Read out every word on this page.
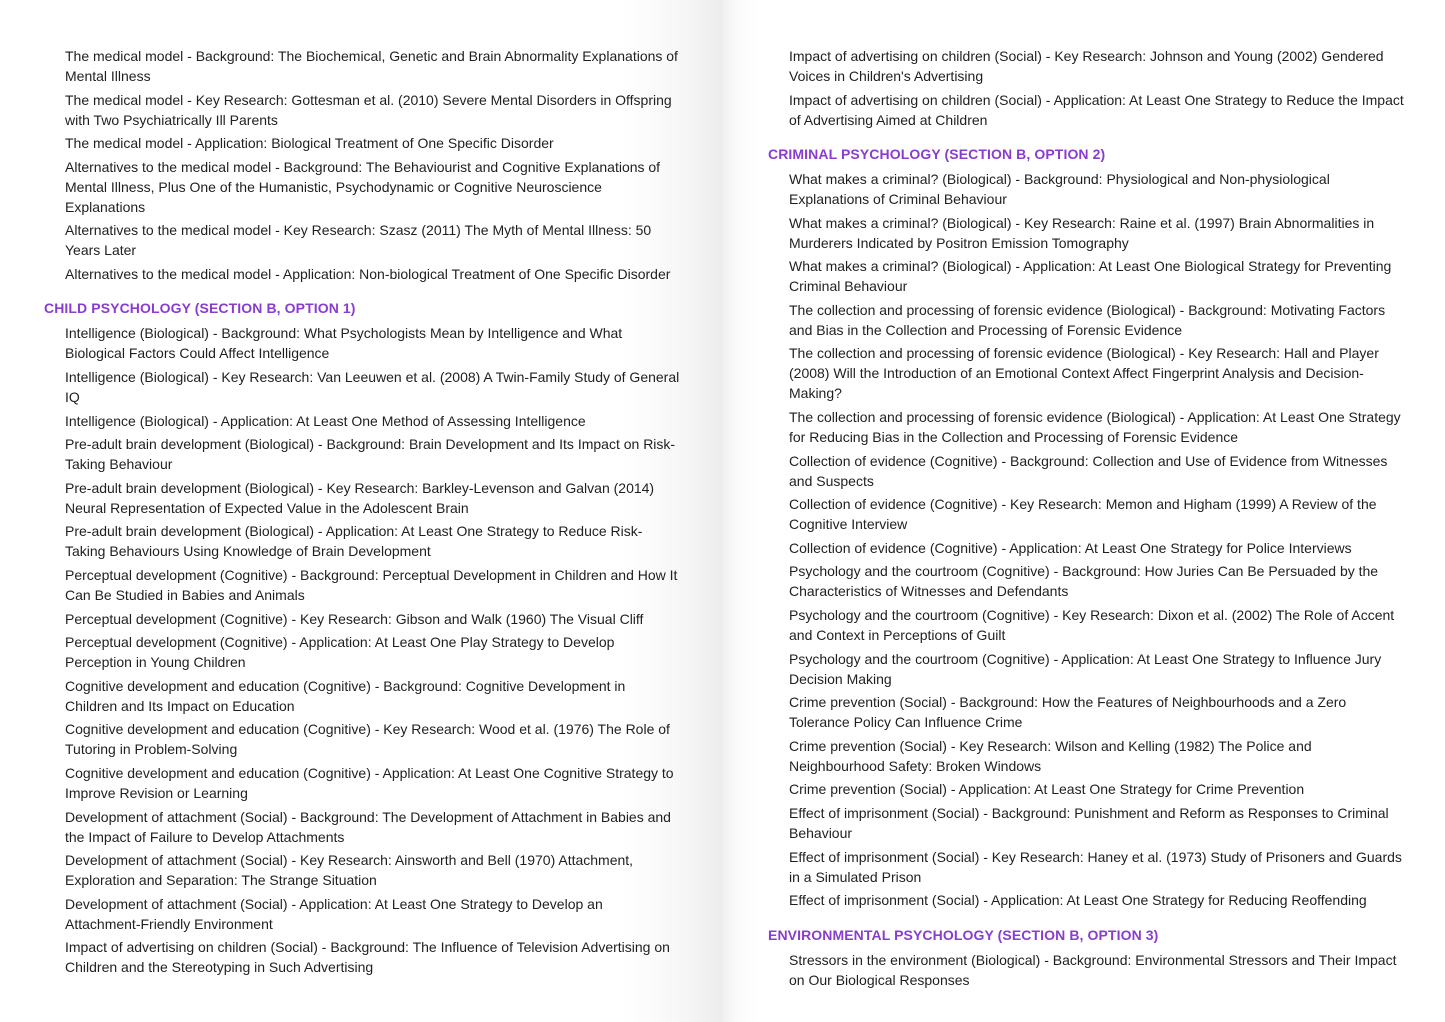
The medical model - Background: The Biochemical, Genetic and Brain Abnormality Explanations of Mental Illness
The medical model - Key Research: Gottesman et al. (2010) Severe Mental Disorders in Offspring with Two Psychiatrically Ill Parents
The medical model - Application: Biological Treatment of One Specific Disorder
Alternatives to the medical model - Background: The Behaviourist and Cognitive Explanations of Mental Illness, Plus One of the Humanistic, Psychodynamic or Cognitive Neuroscience Explanations
Alternatives to the medical model - Key Research: Szasz (2011) The Myth of Mental Illness: 50 Years Later
Alternatives to the medical model - Application: Non-biological Treatment of One Specific Disorder
CHILD PSYCHOLOGY (SECTION B, OPTION 1)
Intelligence (Biological) - Background: What Psychologists Mean by Intelligence and What Biological Factors Could Affect Intelligence
Intelligence (Biological) - Key Research: Van Leeuwen et al. (2008) A Twin-Family Study of General IQ
Intelligence (Biological) - Application: At Least One Method of Assessing Intelligence
Pre-adult brain development (Biological) - Background: Brain Development and Its Impact on Risk-Taking Behaviour
Pre-adult brain development (Biological) - Key Research: Barkley-Levenson and Galvan (2014) Neural Representation of Expected Value in the Adolescent Brain
Pre-adult brain development (Biological) - Application: At Least One Strategy to Reduce Risk-Taking Behaviours Using Knowledge of Brain Development
Perceptual development (Cognitive) - Background: Perceptual Development in Children and How It Can Be Studied in Babies and Animals
Perceptual development (Cognitive) - Key Research: Gibson and Walk (1960) The Visual Cliff
Perceptual development (Cognitive) - Application: At Least One Play Strategy to Develop Perception in Young Children
Cognitive development and education (Cognitive) - Background: Cognitive Development in Children and Its Impact on Education
Cognitive development and education (Cognitive) - Key Research: Wood et al. (1976) The Role of Tutoring in Problem-Solving
Cognitive development and education (Cognitive) - Application: At Least One Cognitive Strategy to Improve Revision or Learning
Development of attachment (Social) - Background: The Development of Attachment in Babies and the Impact of Failure to Develop Attachments
Development of attachment (Social) - Key Research: Ainsworth and Bell (1970) Attachment, Exploration and Separation: The Strange Situation
Development of attachment (Social) - Application: At Least One Strategy to Develop an Attachment-Friendly Environment
Impact of advertising on children (Social) - Background: The Influence of Television Advertising on Children and the Stereotyping in Such Advertising
Impact of advertising on children (Social) - Key Research: Johnson and Young (2002) Gendered Voices in Children's Advertising
Impact of advertising on children (Social) - Application: At Least One Strategy to Reduce the Impact of Advertising Aimed at Children
CRIMINAL PSYCHOLOGY (SECTION B, OPTION 2)
What makes a criminal? (Biological) - Background: Physiological and Non-physiological Explanations of Criminal Behaviour
What makes a criminal? (Biological) - Key Research: Raine et al. (1997) Brain Abnormalities in Murderers Indicated by Positron Emission Tomography
What makes a criminal? (Biological) - Application: At Least One Biological Strategy for Preventing Criminal Behaviour
The collection and processing of forensic evidence (Biological) - Background: Motivating Factors and Bias in the Collection and Processing of Forensic Evidence
The collection and processing of forensic evidence (Biological) - Key Research: Hall and Player (2008) Will the Introduction of an Emotional Context Affect Fingerprint Analysis and Decision-Making?
The collection and processing of forensic evidence (Biological) - Application: At Least One Strategy for Reducing Bias in the Collection and Processing of Forensic Evidence
Collection of evidence (Cognitive) - Background: Collection and Use of Evidence from Witnesses and Suspects
Collection of evidence (Cognitive) - Key Research: Memon and Higham (1999) A Review of the Cognitive Interview
Collection of evidence (Cognitive) - Application: At Least One Strategy for Police Interviews
Psychology and the courtroom (Cognitive) - Background: How Juries Can Be Persuaded by the Characteristics of Witnesses and Defendants
Psychology and the courtroom (Cognitive) - Key Research: Dixon et al. (2002) The Role of Accent and Context in Perceptions of Guilt
Psychology and the courtroom (Cognitive) - Application: At Least One Strategy to Influence Jury Decision Making
Crime prevention (Social) - Background: How the Features of Neighbourhoods and a Zero Tolerance Policy Can Influence Crime
Crime prevention (Social) - Key Research: Wilson and Kelling (1982) The Police and Neighbourhood Safety: Broken Windows
Crime prevention (Social) - Application: At Least One Strategy for Crime Prevention
Effect of imprisonment (Social) - Background: Punishment and Reform as Responses to Criminal Behaviour
Effect of imprisonment (Social) - Key Research: Haney et al. (1973) Study of Prisoners and Guards in a Simulated Prison
Effect of imprisonment (Social) - Application: At Least One Strategy for Reducing Reoffending
ENVIRONMENTAL PSYCHOLOGY (SECTION B, OPTION 3)
Stressors in the environment (Biological) - Background: Environmental Stressors and Their Impact on Our Biological Responses
